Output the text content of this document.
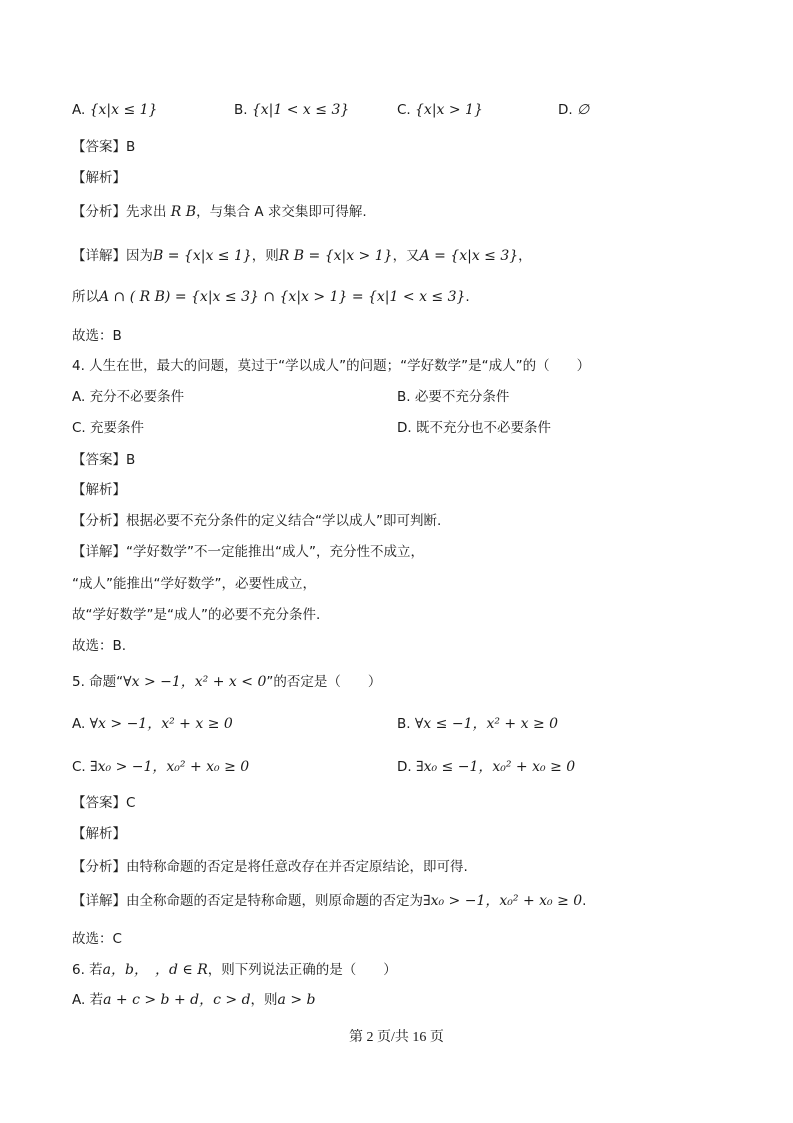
A. {x|x ≤ 1}	B. {x|1 < x ≤ 3}	C. {x|x > 1}	D. ∅
【答案】B
【解析】
【分析】先求出 R B，与集合 A 求交集即可得解.
【详解】因为B = {x|x ≤ 1}，则R B = {x|x > 1}，又A = {x|x ≤ 3}，
所以A ∩ ( R B) = {x|x ≤ 3} ∩ {x|x > 1} = {x|1 < x ≤ 3}.
故选：B
4. 人生在世，最大的问题，莫过于“学以成人”的问题；“学好数学”是“成人”的（　　）
A. 充分不必要条件	B. 必要不充分条件
C. 充要条件	D. 既不充分也不必要条件
【答案】B
【解析】
【分析】根据必要不充分条件的定义结合“学以成人”即可判断.
【详解】“学好数学”不一定能推出“成人”，充分性不成立，
“成人”能推出“学好数学”，必要性成立，
故“学好数学”是“成人”的必要不充分条件.
故选：B.
5. 命题“∀x > −1，x² + x < 0”的否定是（　　）
A. ∀x > −1，x² + x ≥ 0	B. ∀x ≤ −1，x² + x ≥ 0
C. ∃x₀ > −1，x₀² + x₀ ≥ 0	D. ∃x₀ ≤ −1，x₀² + x₀ ≥ 0
【答案】C
【解析】
【分析】由特称命题的否定是将任意改存在并否定原结论，即可得.
【详解】由全称命题的否定是特称命题，则原命题的否定为∃x₀ > −1，x₀² + x₀ ≥ 0.
故选：C
6. 若a，b，　，d ∈ R，则下列说法正确的是（　　）
A. 若a + c > b + d，c > d，则a > b
第 2 页/共 16 页
